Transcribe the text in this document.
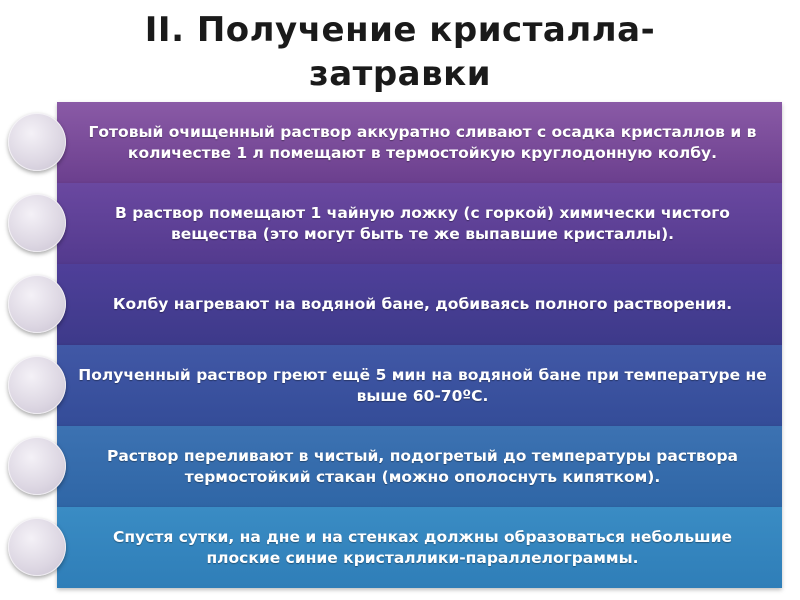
II. Получение кристалла-
затравки
Готовый очищенный раствор аккуратно сливают с осадка кристаллов и в количестве 1 л помещают в термостойкую круглодонную колбу.
В раствор помещают 1 чайную ложку (с горкой) химически чистого вещества (это могут быть те же выпавшие кристаллы).
Колбу нагревают на водяной бане, добиваясь полного растворения.
Полученный раствор греют ещё 5 мин на водяной бане при температуре не выше 60-70ºС.
Раствор переливают в чистый, подогретый до температуры раствора термостойкий стакан (можно ополоснуть кипятком).
Спустя сутки, на дне и на стенках должны образоваться небольшие плоские синие кристаллики-параллелограммы.
